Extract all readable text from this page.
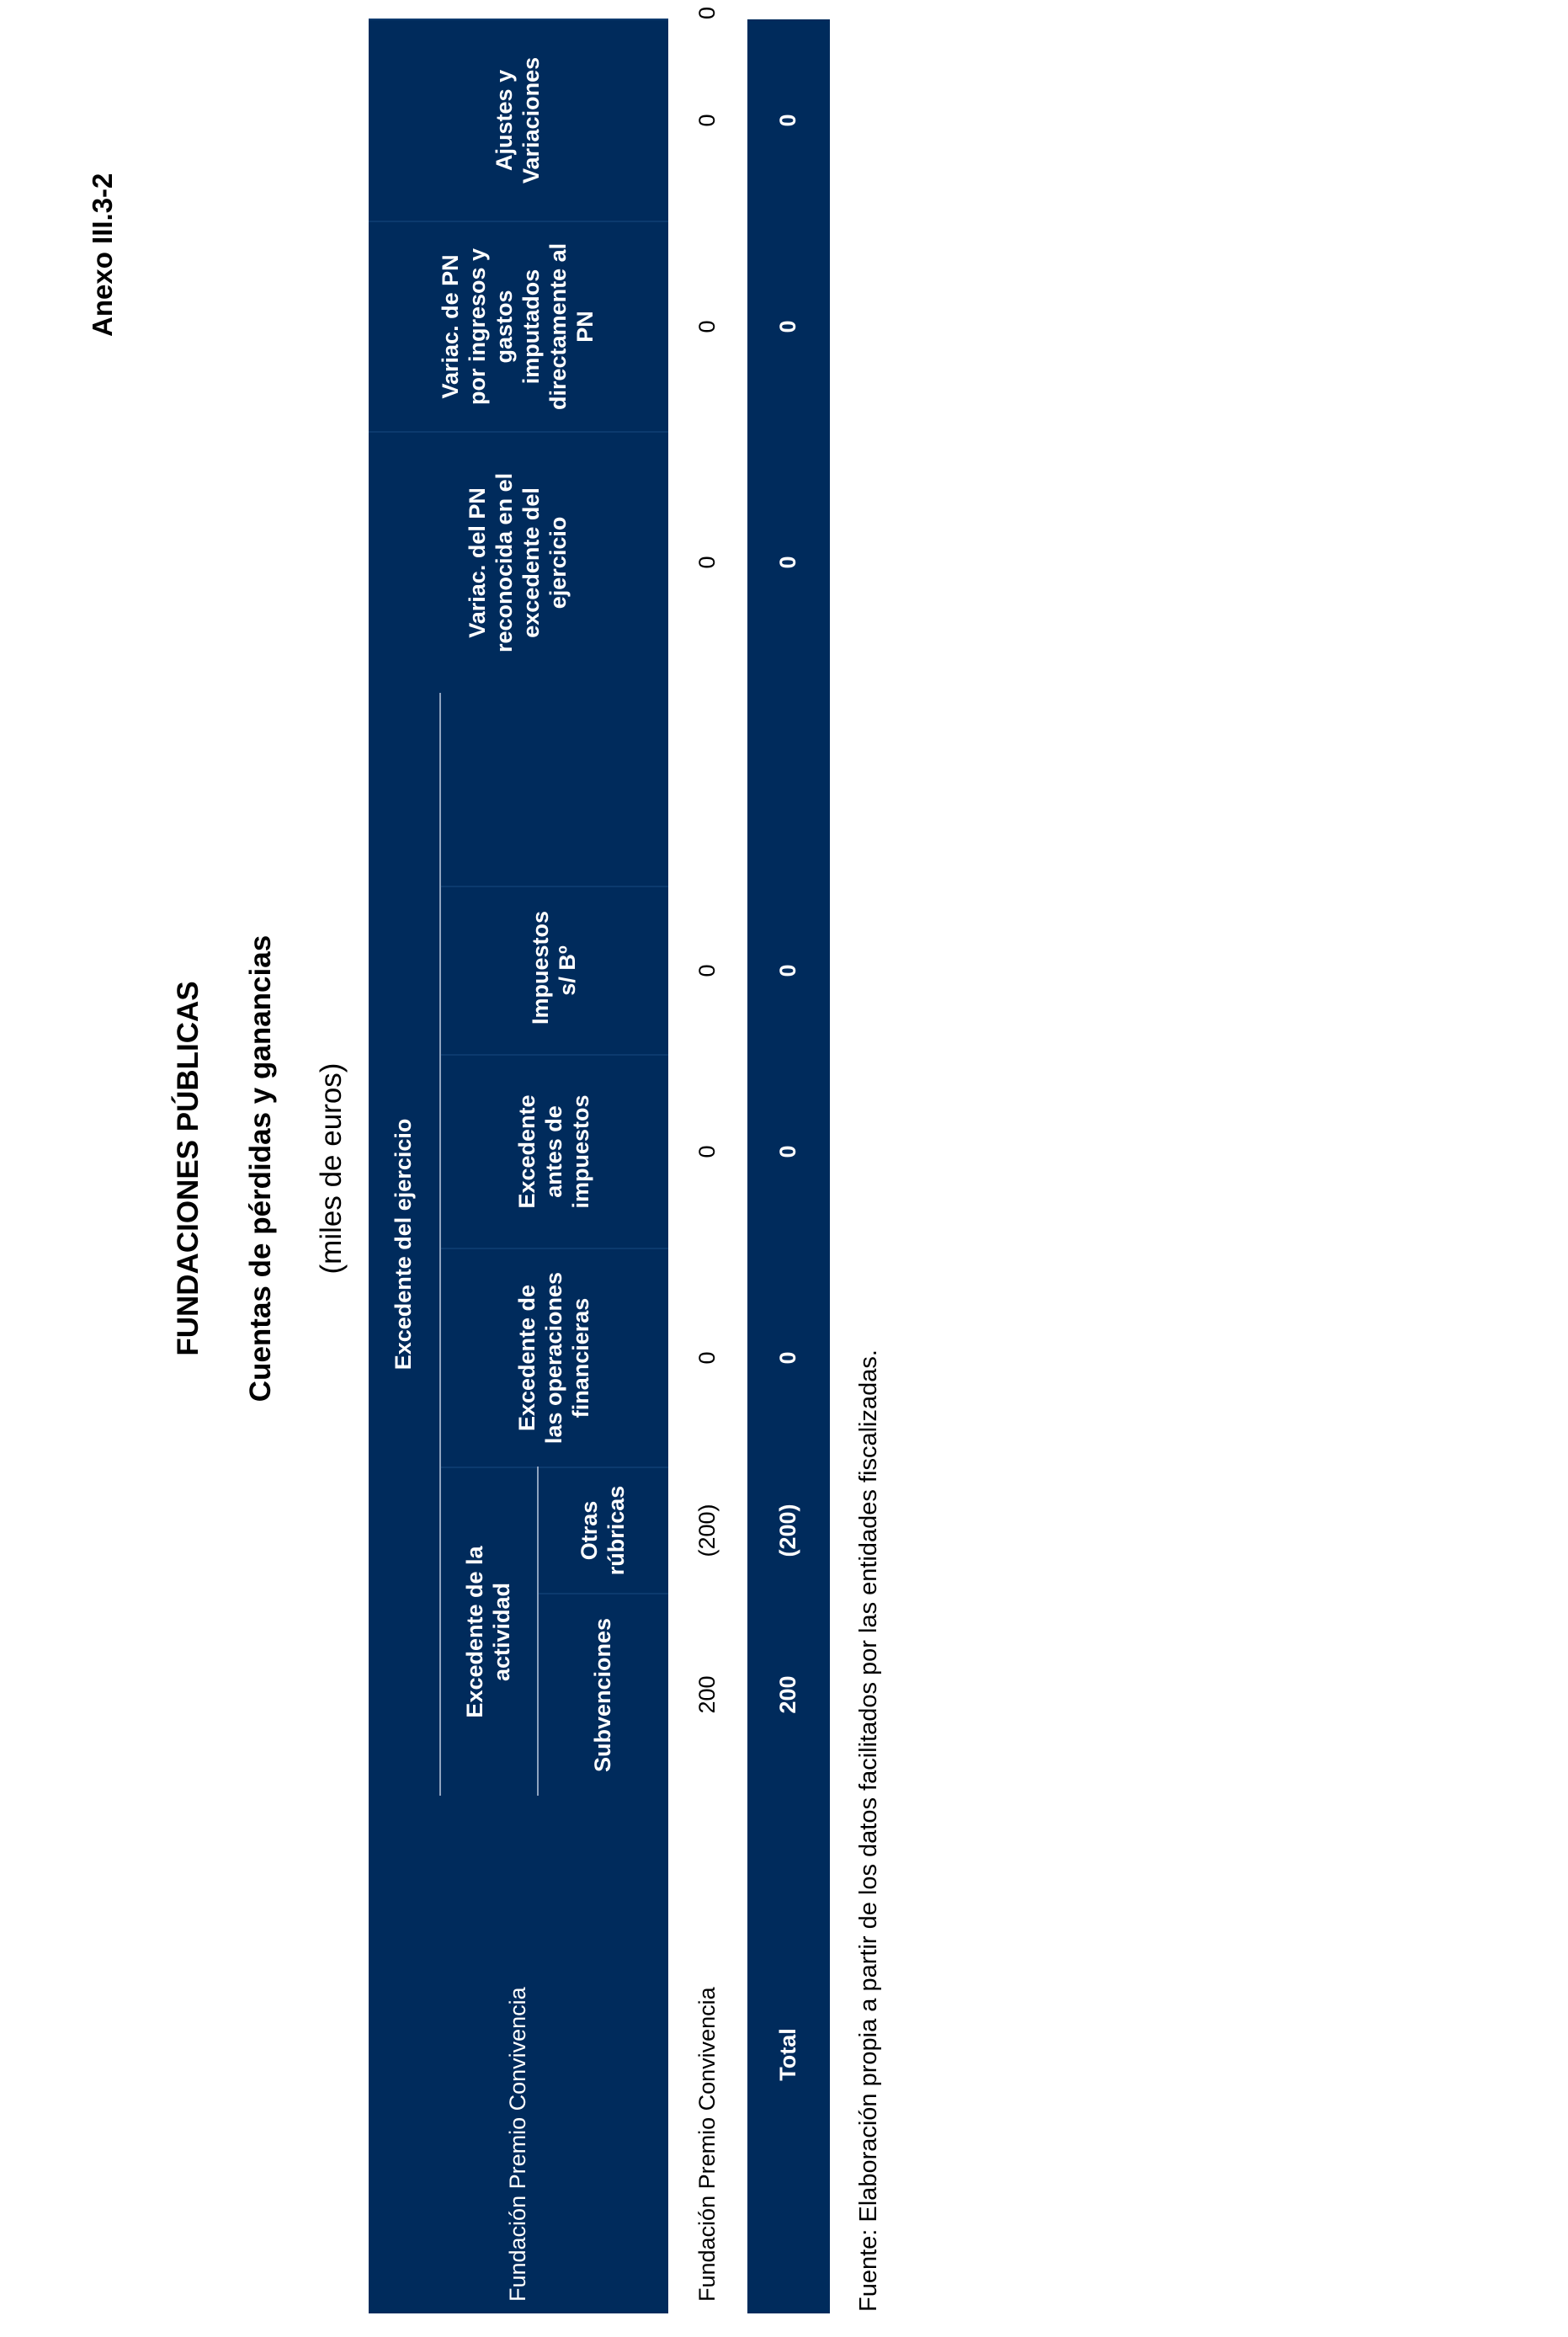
Anexo III.3-2
FUNDACIONES PÚBLICAS Cuentas de pérdidas y ganancias (miles de euros)
Fundación Premio Convivencia	Excedente del ejercicio						Variac. del PN reconocida en el excedente del ejercicio	Variac. de PN por ingresos y gastos imputados directamente al PN	Ajustes y Variaciones	
	Excedente de la actividad		Excedente de las operaciones financieras	Excedente antes de impuestos	Impuestos s/ Bº					
	Subvenciones	Otras rúbricas								
Fundación Premio Convivencia	200	(200)	0	0	0		0	0	0	0
Total	200	(200)	0	0	0		0	0	0	0
Fuente: Elaboración propia a partir de los datos facilitados por las entidades fiscalizadas.
